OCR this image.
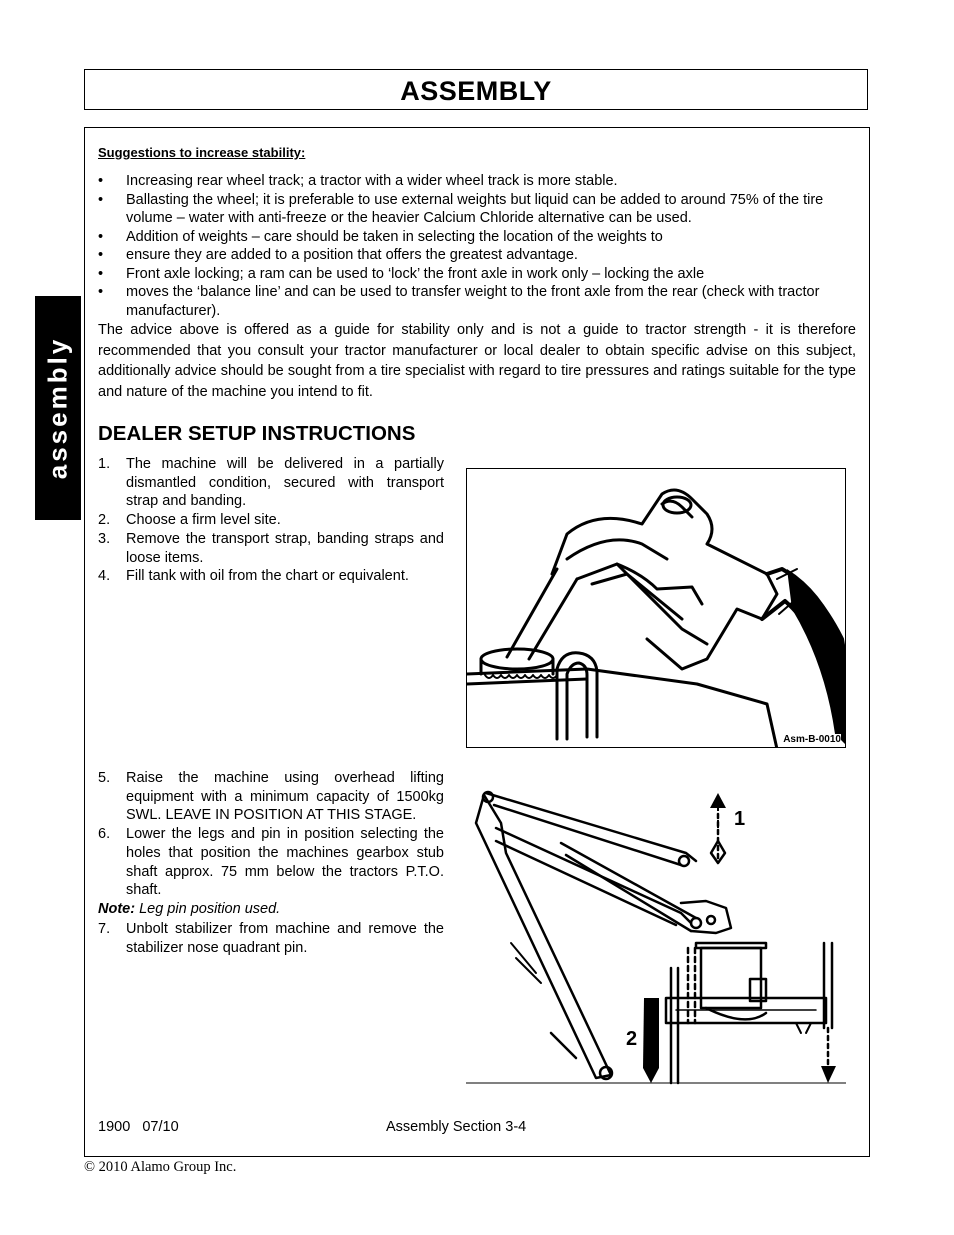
ASSEMBLY
assembly
Suggestions to increase stability:
• Increasing rear wheel track; a tractor with a wider wheel track is more stable.
• Ballasting the wheel; it is preferable to use external weights but liquid can be added to around 75% of the tire volume – water with anti-freeze or the heavier Calcium Chloride alternative can be used.
• Addition of weights – care should be taken in selecting the location of the weights to
• ensure they are added to a position that offers the greatest advantage.
• Front axle locking; a ram can be used to ‘lock’ the front axle in work only – locking the axle
• moves the ‘balance line’ and can be used to transfer weight to the front axle from the rear (check with tractor manufacturer).
The advice above is offered as a guide for stability only and is not a guide to tractor strength - it is therefore recommended that you consult your tractor manufacturer or local dealer to obtain specific advise on this subject, additionally advice should be sought from a tire specialist with regard to tire pressures and ratings suitable for the type and nature of the machine you intend to fit.
DEALER SETUP INSTRUCTIONS
1. The machine will be delivered in a partially dismantled condition, secured with transport strap and banding.
2. Choose a firm level site.
3. Remove the transport strap, banding straps and loose items.
4. Fill tank with oil from the chart or equivalent.
Asm-B-0010
5. Raise the machine using overhead lifting equipment with a minimum capacity of 1500kg SWL. LEAVE IN POSITION AT THIS STAGE.
6. Lower the legs and pin in position selecting the holes that position the machines gearbox stub shaft approx. 75 mm below the tractors P.T.O. shaft.
Note: Leg pin position used.
7. Unbolt stabilizer from machine and remove the stabilizer nose quadrant pin.
1
2
1900   07/10	Assembly Section 3-4
© 2010 Alamo Group Inc.
